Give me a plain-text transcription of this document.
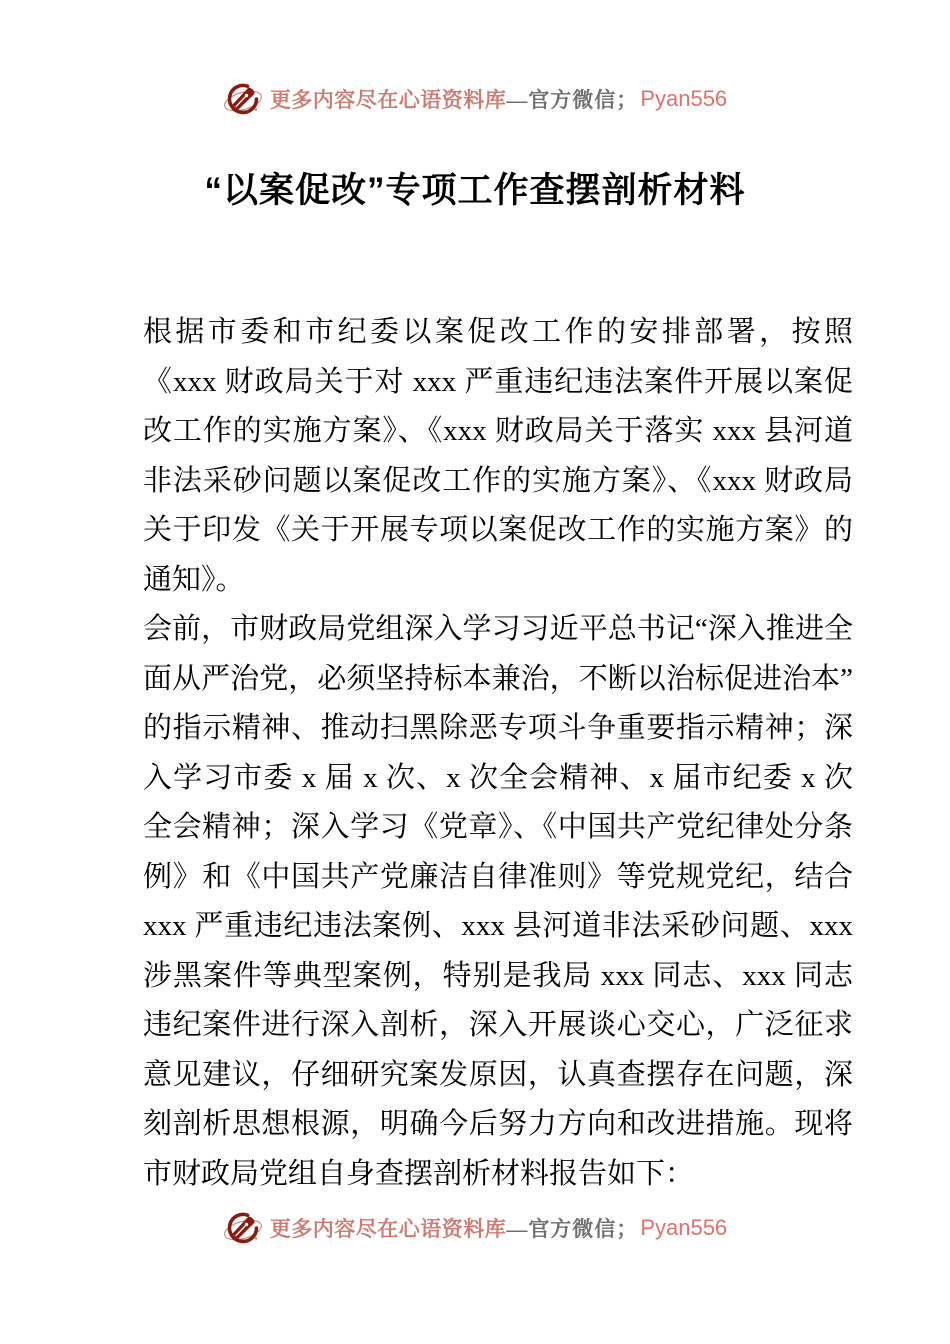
更多内容尽在心语资料库 —官方微信； Pyan556
“以案促改”专项工作查摆剖析材料

根据市委和市纪委以案促改工作的安排部署，按照《xxx 财政局关于对 xxx 严重违纪违法案件开展以案促改工作的实施方案》、《xxx 财政局关于落实 xxx 县河道非法采砂问题以案促改工作的实施方案》、《xxx 财政局关于印发《关于开展专项以案促改工作的实施方案》的通知》。

会前，市财政局党组深入学习习近平总书记“深入推进全面从严治党，必须坚持标本兼治，不断以治标促进治本”的指示精神、推动扫黑除恶专项斗争重要指示精神；深入学习市委 x 届 x 次、x 次全会精神、x 届市纪委 x 次全会精神；深入学习《党章》、《中国共产党纪律处分条例》和《中国共产党廉洁自律准则》等党规党纪，结合 xxx 严重违纪违法案例、xxx 县河道非法采砂问题、xxx 涉黑案件等典型案例，特别是我局 xxx 同志、xxx 同志违纪案件进行深入剖析，深入开展谈心交心，广泛征求意见建议，仔细研究案发原因，认真查摆存在问题，深刻剖析思想根源，明确今后努力方向和改进措施。现将市财政局党组自身查摆剖析材料报告如下：

更多内容尽在心语资料库 —官方微信； Pyan556
